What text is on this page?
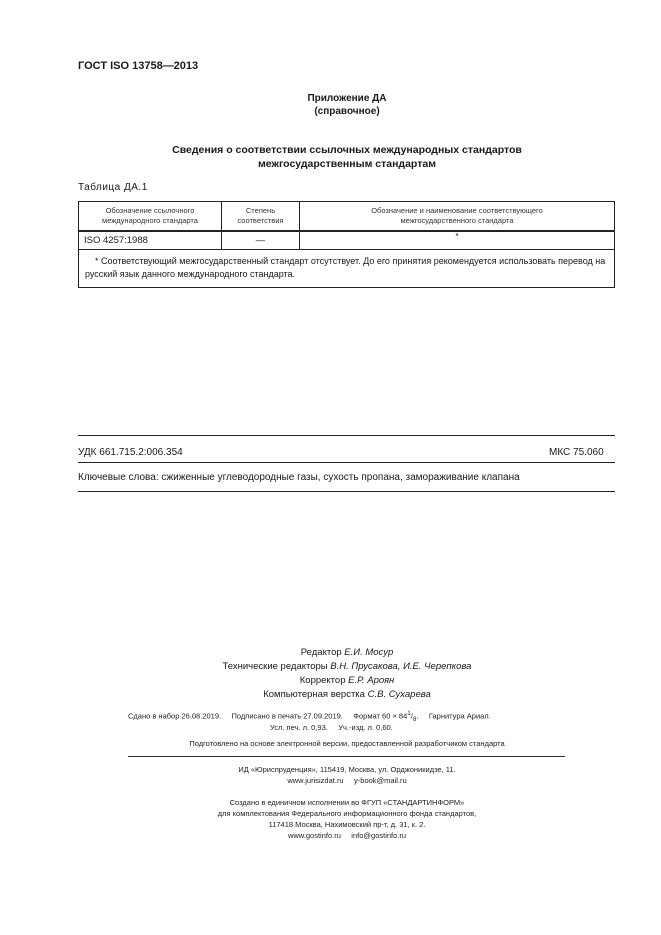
ГОСТ ISO 13758—2013
Приложение ДА
(справочное)
Сведения о соответствии ссылочных международных стандартов
межгосударственным стандартам
Таблица ДА.1
Обозначение ссылочного международного стандарта	Степень соответствия	Обозначение и наименование соответствующего межгосударственного стандарта
ISO 4257:1988	—	*
* Соответствующий межгосударственный стандарт отсутствует. До его принятия рекомендуется использовать перевод на русский язык данного международного стандарта.		
УДК 661.715.2:006.354	МКС 75.060
Ключевые слова: сжиженные углеводородные газы, сухость пропана, замораживание клапана
Редактор Е.И. Мосур
Технические редакторы В.Н. Прусакова, И.Е. Черепкова
Корректор Е.Р. Ароян
Компьютерная верстка С.В. Сухарева
Сдано в набор 26.08.2019. Подписано в печать 27.09.2019. Формат $60 \times 84^1/_8$.     Гарнитура Ариал.
Усл. печ. л. 0,93.     Уч.-изд. л. 0,60.
Подготовлено на основе электронной версии, предоставленной разработчиком стандарта
ИД «Юриспруденция», 115419, Москва, ул. Орджоникидзе, 11.
www.jurisizdat.ru     y-book@mail.ru
Создано в единичном исполнении во ФГУП «СТАНДАРТИНФОРМ»
для комплектования Федерального информационного фонда стандартов,
117418 Москва, Нахимовский пр-т, д. 31, к. 2.
www.gostinfo.ru     info@gostinfo.ru
